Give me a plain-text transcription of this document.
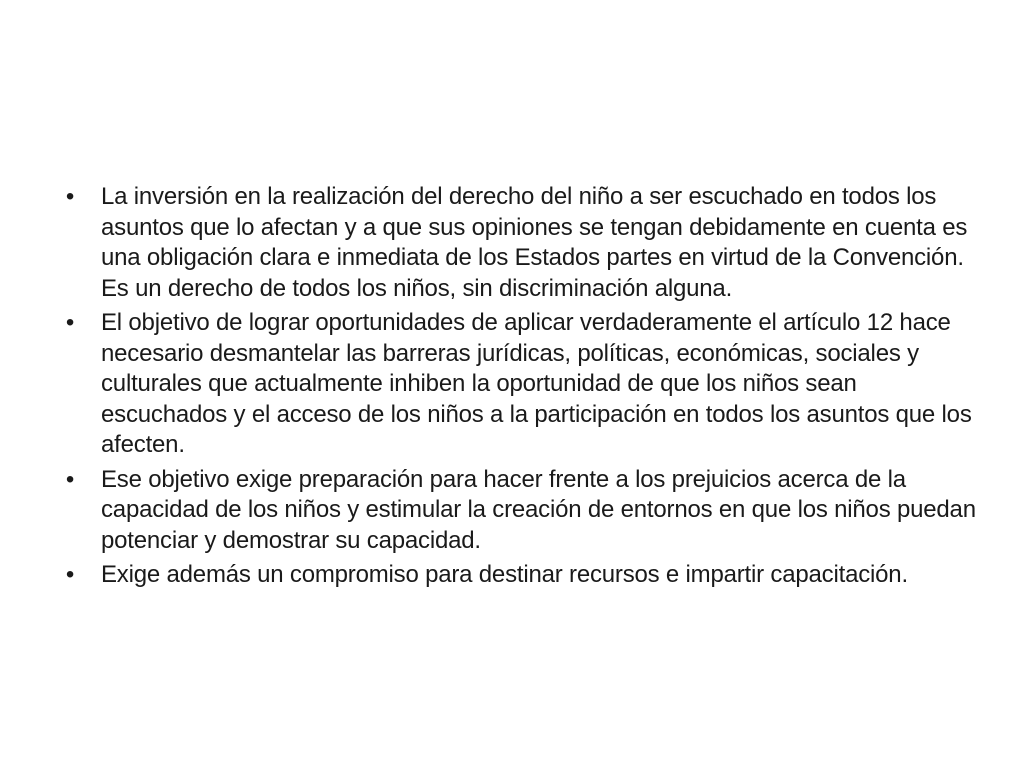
• La inversión en la realización del derecho del niño a ser escuchado en todos los asuntos que lo afectan y a que sus opiniones se tengan debidamente en cuenta es una obligación clara e inmediata de los Estados partes en virtud de la Convención. Es un derecho de todos los niños, sin discriminación alguna.
• El objetivo de lograr oportunidades de aplicar verdaderamente el artículo 12 hace necesario desmantelar las barreras jurídicas, políticas, económicas, sociales y culturales que actualmente inhiben la oportunidad de que los niños sean escuchados y el acceso de los niños a la participación en todos los asuntos que los afecten.
• Ese objetivo exige preparación para hacer frente a los prejuicios acerca de la capacidad de los niños y estimular la creación de entornos en que los niños puedan potenciar y demostrar su capacidad.
• Exige además un compromiso para destinar recursos e impartir capacitación.
